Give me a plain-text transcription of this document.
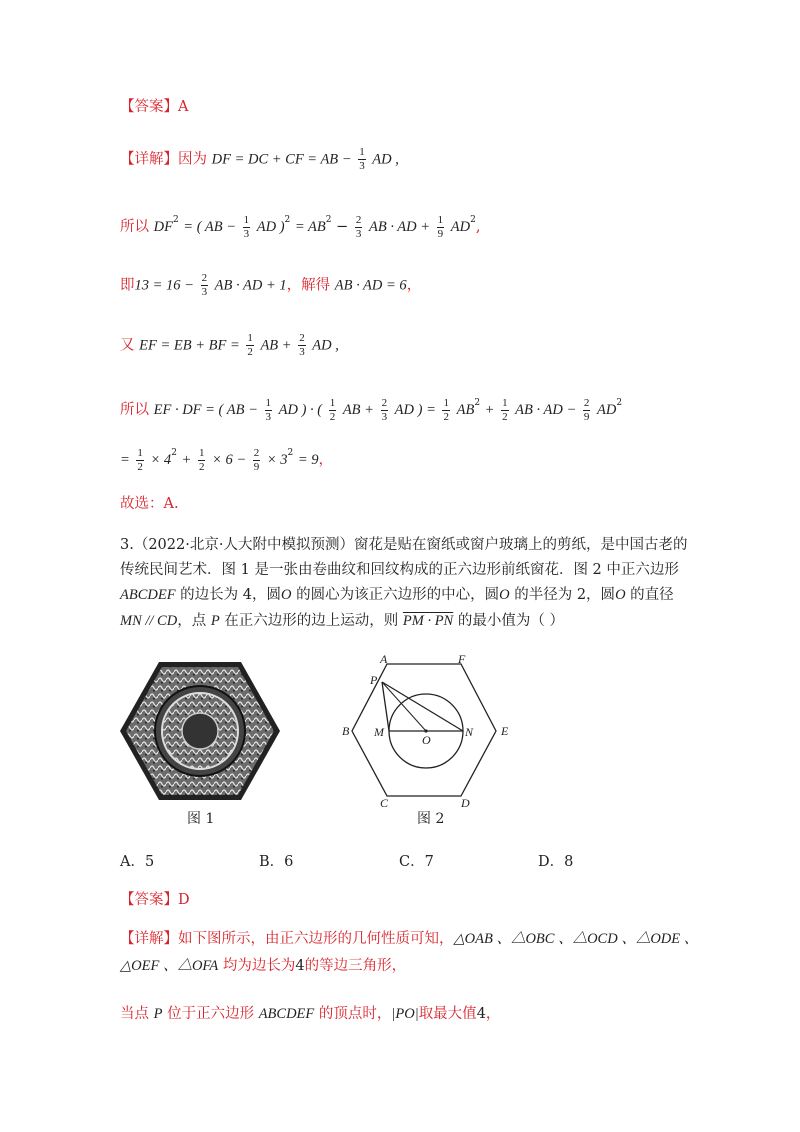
【答案】A
【详解】因为 DF = DC + CF = AB − $\frac{1}{3}$ AD ,
所以 $DF^2$ = ( AB − $\frac{1}{3}$ AD )$^2 = AB^2 - \frac{2}{3}$ AB · AD + $\frac{1}{9} AD^2$,
即$13 = 16 - \frac{2}{3}$ AB · AD + 1，解得 AB · AD = 6，
又 EF = EB + BF = $\frac{1}{2}$ AB + $\frac{2}{3}$ AD ,
所以 EF · DF = ( AB − $\frac{1}{3}$ AD ) · ( $\frac{1}{2}$ AB + $\frac{2}{3}$ AD ) = $\frac{1}{2} AB^2 + \frac{1}{2}$ AB · AD − $\frac{2}{9} AD^2$
= $\frac{1}{2} \times 4^2 + \frac{1}{2} \times 6 - \frac{2}{9} \times 3^2 = 9$，
故选：A.
3.（2022·北京·人大附中模拟预测）窗花是贴在窗纸或窗户玻璃上的剪纸，是中国古老的
传统民间艺术．图 1 是一张由卷曲纹和回纹构成的正六边形前纸窗花．图 2 中正六边形
ABCDEF 的边长为 4，圆O 的圆心为该正六边形的中心，圆O 的半径为 2，圆O 的直径
MN // CD，点 P 在正六边形的边上运动，则 PM · PN 的最小值为（ ）
图 1
A	F
P
B M
O
N E
C	D
图 2
A．5	B．6	C．7	D．8
【答案】D
【详解】如下图所示，由正六边形的几何性质可知，△OAB 、△OBC 、△OCD 、△ODE 、
△OEF 、△OFA 均为边长为4的等边三角形，
当点 P 位于正六边形 ABCDEF 的顶点时，|PO|取最大值4，
